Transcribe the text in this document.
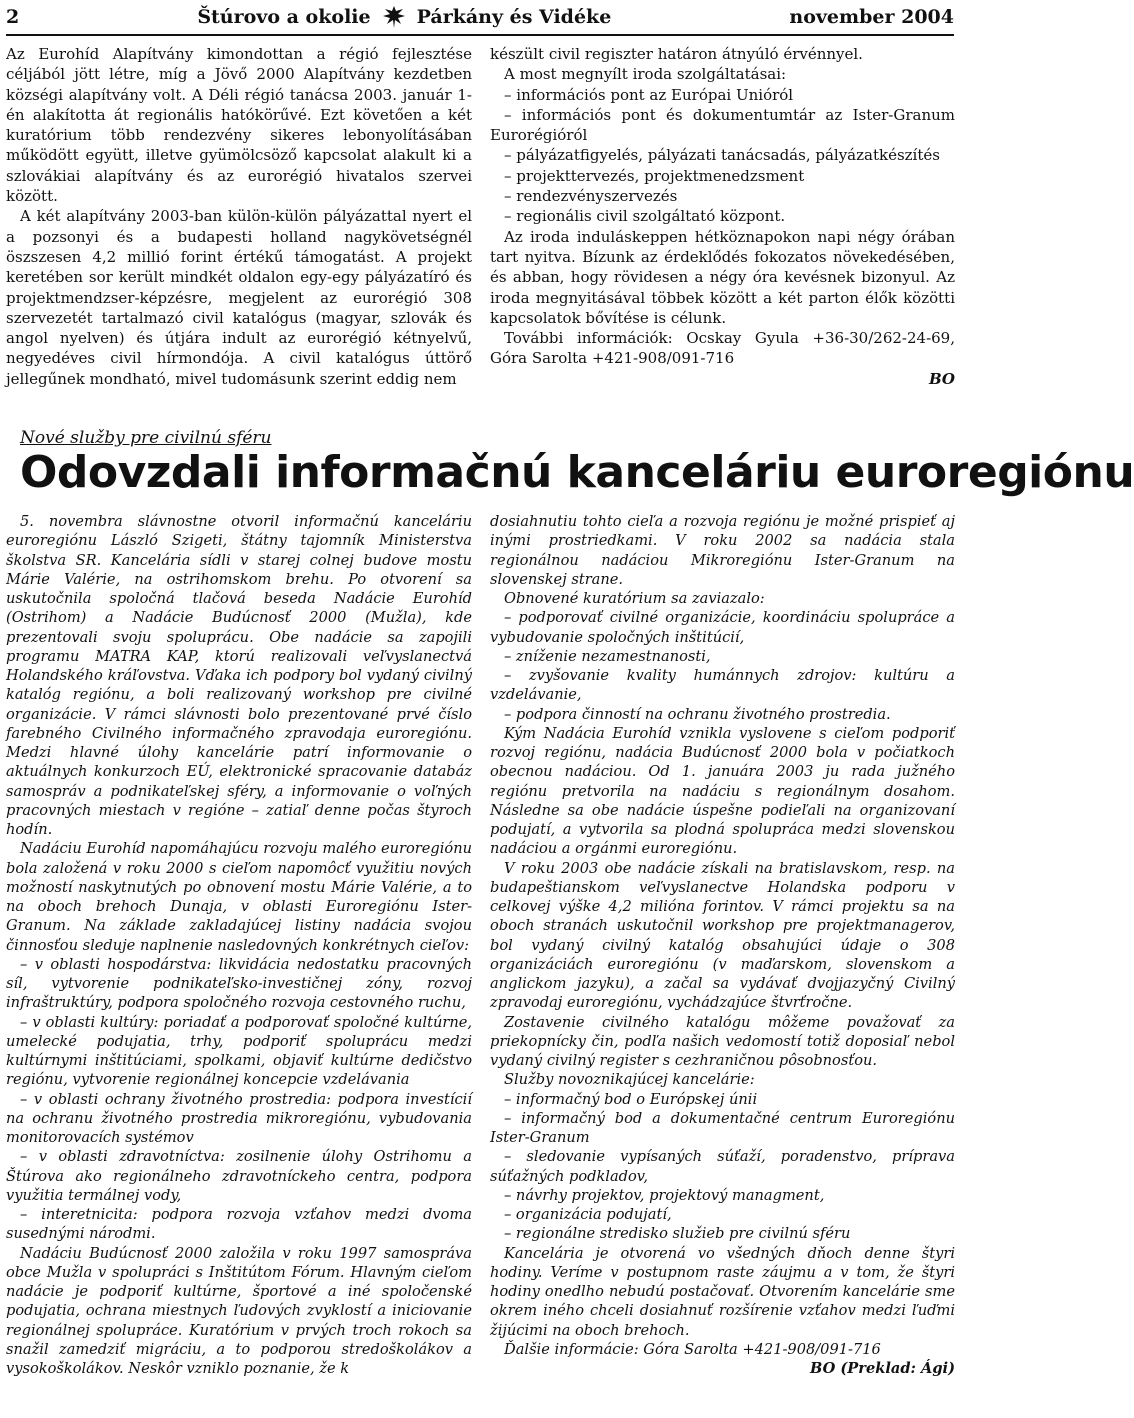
2	Štúrovo a okolie Párkány és Vidéke	november 2004

Az Eurohíd Alapítvány kimondottan a régió fejlesztése céljából jött létre, míg a Jövő 2000 Alapítvány kezdetben községi alapítvány volt. A Déli régió tanácsa 2003. január 1-én alakította át regionális hatókörűvé. Ezt követően a két kuratórium több rendezvény sikeres lebonyolításában működött együtt, illetve gyümölcsöző kapcsolat alakult ki a szlovákiai alapítvány és az eurorégió hivatalos szervei között.

A két alapítvány 2003-ban külön-külön pályázattal nyert el a pozsonyi és a budapesti holland nagykövetségnél öszszesen 4,2 millió forint értékű támogatást. A projekt keretében sor került mindkét oldalon egy-egy pályázatíró és projektmendzser-képzésre, megjelent az eurorégió 308 szervezetét tartalmazó civil katalógus (magyar, szlovák és angol nyelven) és útjára indult az eurorégió kétnyelvű, negyedéves civil hírmondója. A civil katalógus úttörő jellegűnek mondható, mivel tudomásunk szerint eddig nem

készült civil regiszter határon átnyúló érvénnyel.

A most megnyílt iroda szolgáltatásai:

– információs pont az Európai Unióról

– információs pont és dokumentumtár az Ister-Granum Eurorégióról

– pályázatfigyelés, pályázati tanácsadás, pályázatkészítés

– projekttervezés, projektmenedzsment

– rendezvényszervezés

– regionális civil szolgáltató központ.

Az iroda induláskeppen hétköznapokon napi négy órában tart nyitva. Bízunk az érdeklődés fokozatos növekedésében, és abban, hogy rövidesen a négy óra kevésnek bizonyul. Az iroda megnyitásával többek között a két parton élők közötti kapcsolatok bővítése is célunk.

További információk: Ocskay Gyula +36-30/262-24-69, Góra Sarolta +421-908/091-716

BO

Nové služby pre civilnú sféru
Odovzdali informačnú kanceláriu euroregiónu

5. novembra slávnostne otvoril informačnú kanceláriu euroregiónu László Szigeti, štátny tajomník Ministerstva školstva SR. Kancelária sídli v starej colnej budove mostu Márie Valérie, na ostrihomskom brehu. Po otvorení sa uskutočnila spoločná tlačová beseda Nadácie Eurohíd (Ostrihom) a Nadácie Budúcnosť 2000 (Mužla), kde prezentovali svoju spoluprácu. Obe nadácie sa zapojili programu MATRA KAP, ktorú realizovali veľvyslanectvá Holandského kráľovstva. Vďaka ich podpory bol vydaný civilný katalóg regiónu, a boli realizovaný workshop pre civilné organizácie. V rámci slávnosti bolo prezentované prvé číslo farebného Civilného informačného zpravodaja euroregiónu. Medzi hlavné úlohy kancelárie patrí informovanie o aktuálnych konkurzoch EÚ, elektronické spracovanie databáz samospráv a podnikateľskej sféry, a informovanie o voľných pracovných miestach v regióne – zatiaľ denne počas štyroch hodín.

Nadáciu Eurohíd napomáhajúcu rozvoju malého euroregiónu bola založená v roku 2000 s cieľom napomôcť využitiu nových možností naskytnutých po obnovení mostu Márie Valérie, a to na oboch brehoch Dunaja, v oblasti Euroregiónu Ister-Granum. Na základe zakladajúcej listiny nadácia svojou činnosťou sleduje naplnenie nasledovných konkrétnych cieľov:

– v oblasti hospodárstva: likvidácia nedostatku pracovných síl, vytvorenie podnikateľsko-investičnej zóny, rozvoj infraštruktúry, podpora spoločného rozvoja cestovného ruchu,

– v oblasti kultúry: poriadať a podporovať spoločné kultúrne, umelecké podujatia, trhy, podporiť spoluprácu medzi kultúrnymi inštitúciami, spolkami, objaviť kultúrne dedičstvo regiónu, vytvorenie regionálnej koncepcie vzdelávania

– v oblasti ochrany životného prostredia: podpora investícií na ochranu životného prostredia mikroregiónu, vybudovania monitorovacích systémov

– v oblasti zdravotníctva: zosilnenie úlohy Ostrihomu a Štúrova ako regionálneho zdravotníckeho centra, podpora využitia termálnej vody,

– interetnicita: podpora rozvoja vzťahov medzi dvoma susednými národmi.

Nadáciu Budúcnosť 2000 založila v roku 1997 samospráva obce Mužla v spolupráci s Inštitútom Fórum. Hlavným cieľom nadácie je podporiť kultúrne, športové a iné spoločenské podujatia, ochrana miestnych ľudových zvyklostí a iniciovanie regionálnej spolupráce. Kuratórium v prvých troch rokoch sa snažil zamedziť migráciu, a to podporou stredoškolákov a vysokoškolákov. Neskôr vzniklo poznanie, že k

dosiahnutiu tohto cieľa a rozvoja regiónu je možné prispieť aj inými prostriedkami. V roku 2002 sa nadácia stala regionálnou nadáciou Mikroregiónu Ister-Granum na slovenskej strane.

Obnovené kuratórium sa zaviazalo:

– podporovať civilné organizácie, koordináciu spolupráce a vybudovanie spoločných inštitúcií,

– zníženie nezamestnanosti,

– zvyšovanie kvality humánnych zdrojov: kultúru a vzdelávanie,

– podpora činností na ochranu životného prostredia.

Kým Nadácia Eurohíd vznikla vyslovene s cieľom podporiť rozvoj regiónu, nadácia Budúcnosť 2000 bola v počiatkoch obecnou nadáciou. Od 1. januára 2003 ju rada južného regiónu pretvorila na nadáciu s regionálnym dosahom. Následne sa obe nadácie úspešne podieľali na organizovaní podujatí, a vytvorila sa plodná spolupráca medzi slovenskou nadáciou a orgánmi euroregiónu.

V roku 2003 obe nadácie získali na bratislavskom, resp. na budapeštianskom veľvyslanectve Holandska podporu v celkovej výške 4,2 milióna forintov. V rámci projektu sa na oboch stranách uskutočnil workshop pre projektmanagerov, bol vydaný civilný katalóg obsahujúci údaje o 308 organizáciách euroregiónu (v maďarskom, slovenskom a anglickom jazyku), a začal sa vydávať dvojjazyčný Civilný zpravodaj euroregiónu, vychádzajúce štvrťročne.

Zostavenie civilného katalógu môžeme považovať za priekopnícky čin, podľa našich vedomostí totiž doposiaľ nebol vydaný civilný register s cezhraničnou pôsobnosťou.

Služby novoznikajúcej kancelárie:

– informačný bod o Európskej únii

– informačný bod a dokumentačné centrum Euroregiónu Ister-Granum

– sledovanie vypísaných súťaží, poradenstvo, príprava súťažných podkladov,

– návrhy projektov, projektový managment,

– organizácia podujatí,

– regionálne stredisko služieb pre civilnú sféru

Kancelária je otvorená vo všedných dňoch denne štyri hodiny. Veríme v postupnom raste záujmu a v tom, že štyri hodiny onedlho nebudú postačovať. Otvorením kancelárie sme okrem iného chceli dosiahnuť rozšírenie vzťahov medzi ľuďmi žijúcimi na oboch brehoch.

Ďalšie informácie: Góra Sarolta +421-908/091-716

BO (Preklad: Ági)
